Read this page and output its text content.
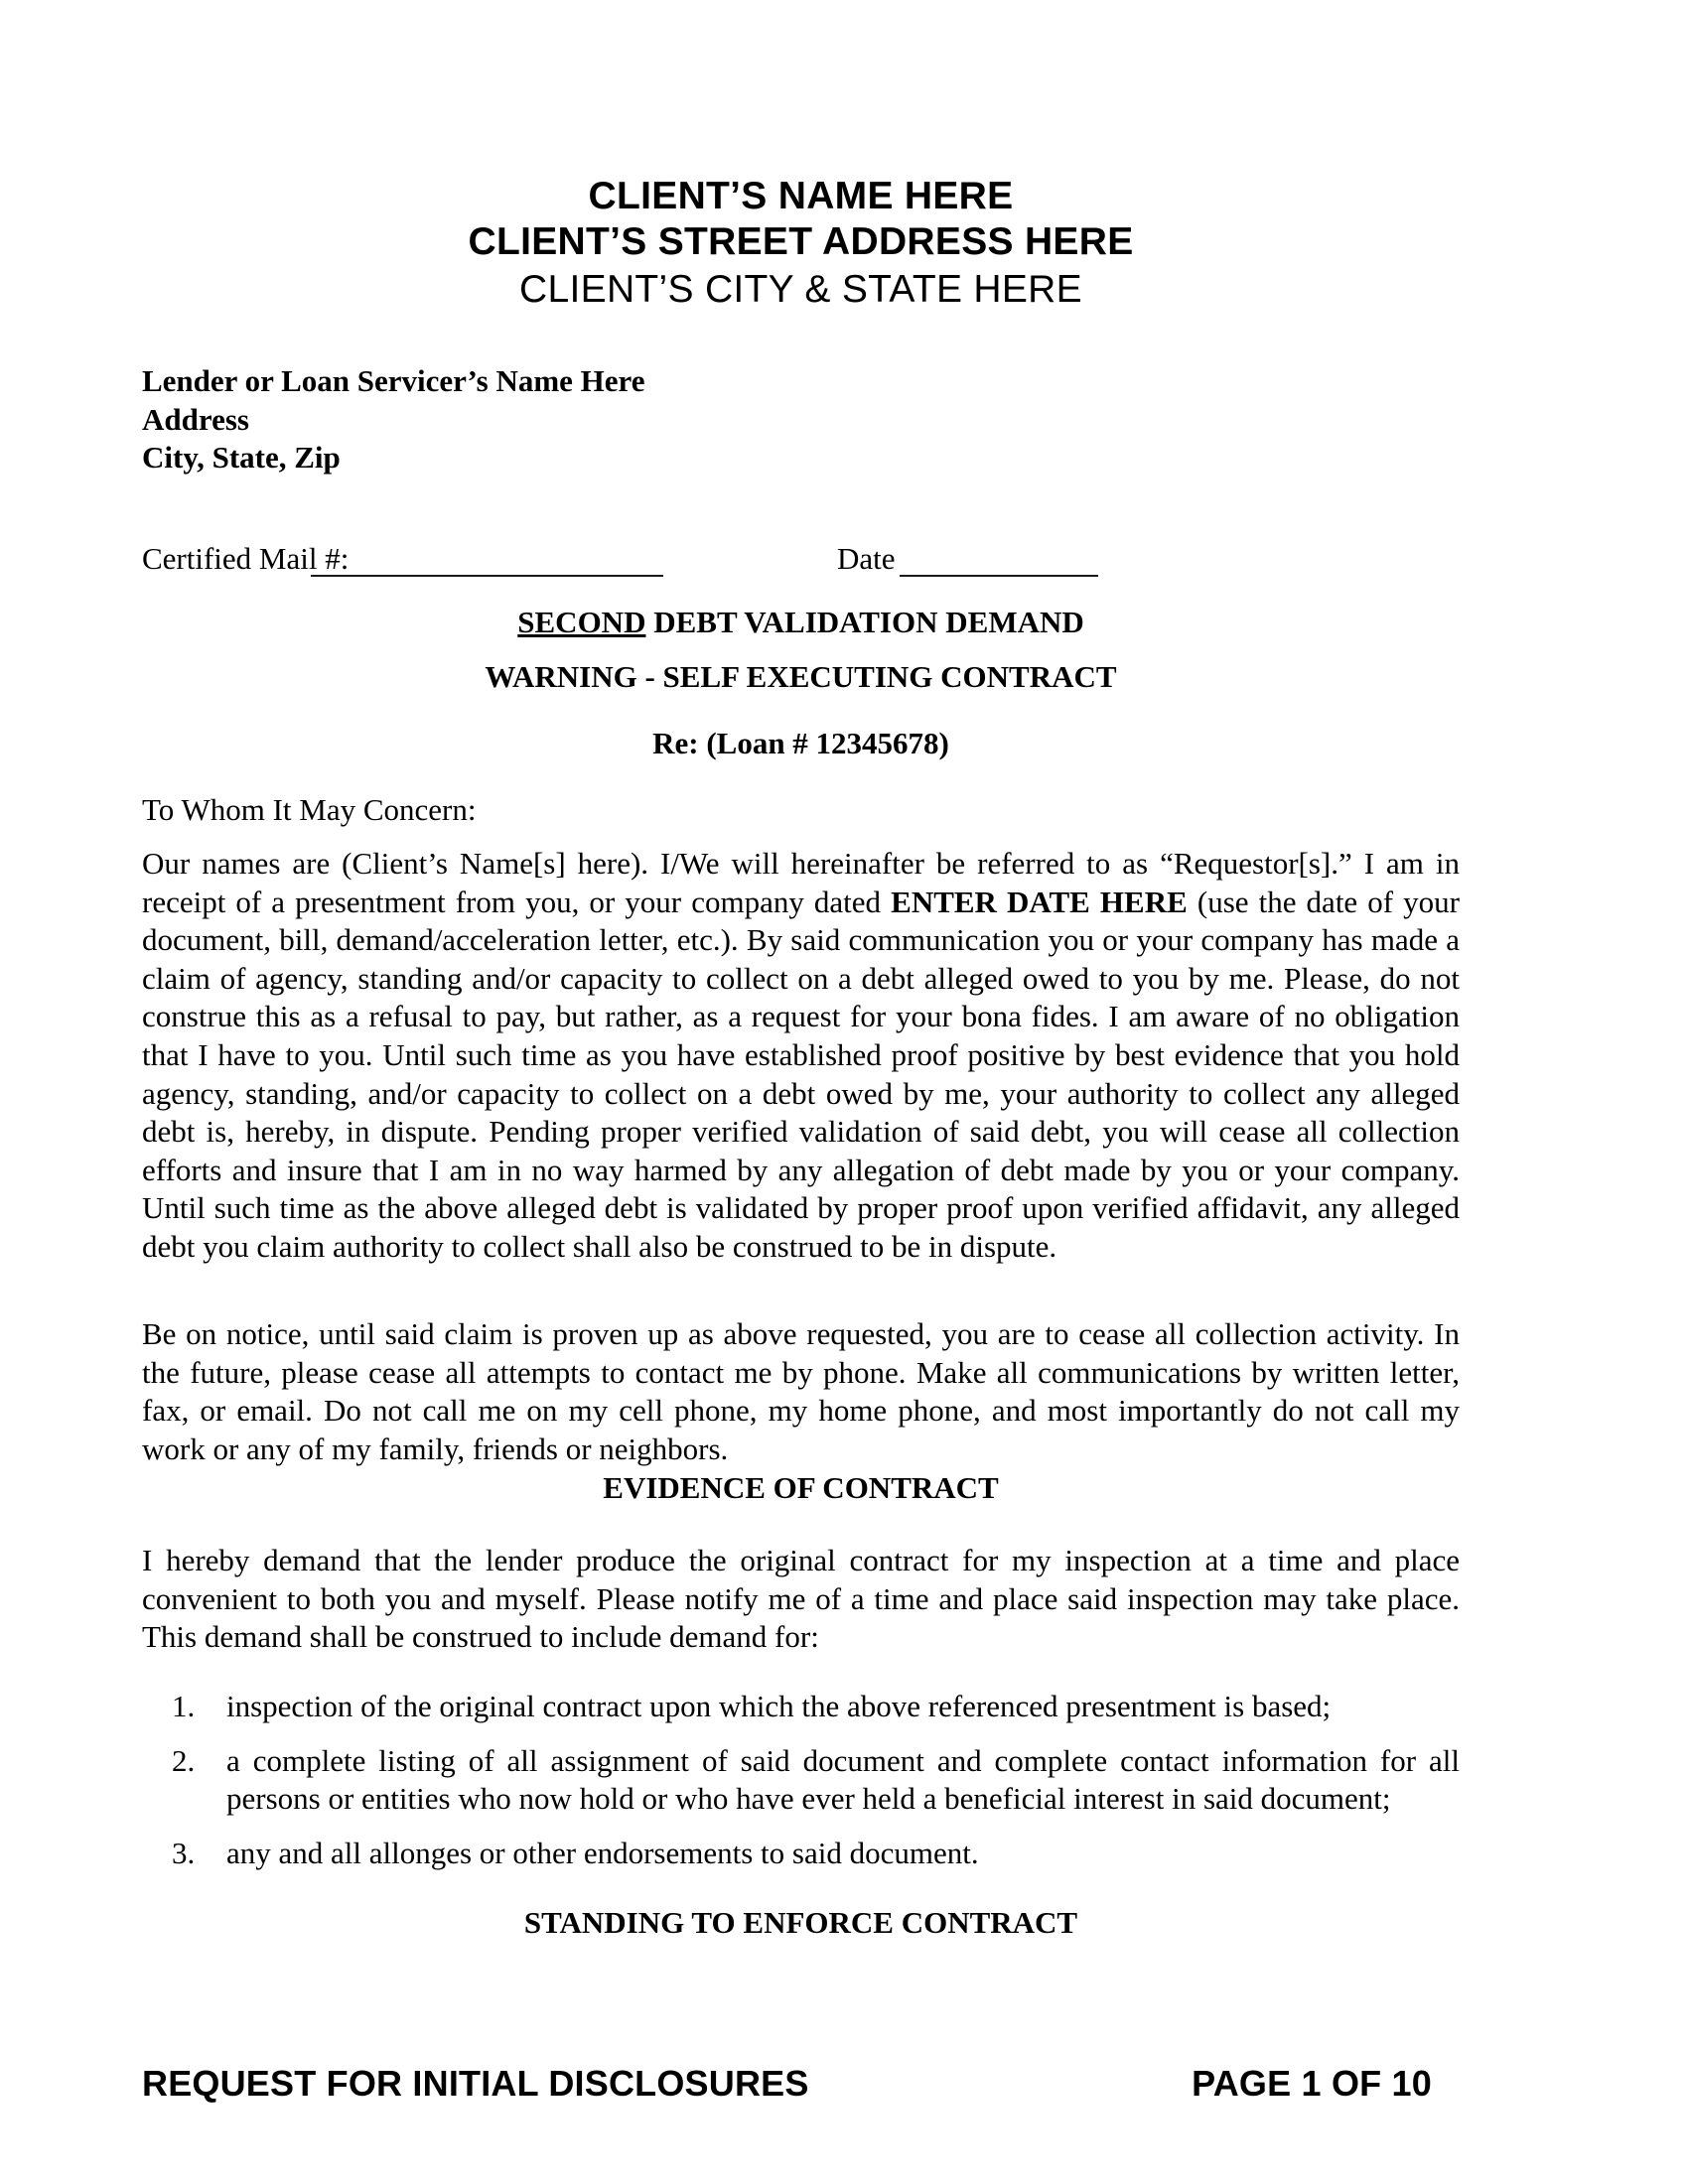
CLIENT’S NAME HERE
CLIENT’S STREET ADDRESS HERE
CLIENT’S CITY & STATE HERE
Lender or Loan Servicer’s Name Here
Address
City, State, Zip
Certified Mail #:	Date
SECOND DEBT VALIDATION DEMAND
WARNING - SELF EXECUTING CONTRACT
Re: (Loan # 12345678)
To Whom It May Concern:
Our names are (Client’s Name[s] here). I/We will hereinafter be referred to as “Requestor[s].” I am in receipt of a presentment from you, or your company dated ENTER DATE HERE (use the date of your document, bill, demand/acceleration letter, etc.). By said communication you or your company has made a claim of agency, standing and/or capacity to collect on a debt alleged owed to you by me. Please, do not construe this as a refusal to pay, but rather, as a request for your bona fides. I am aware of no obligation that I have to you. Until such time as you have established proof positive by best evidence that you hold agency, standing, and/or capacity to collect on a debt owed by me, your authority to collect any alleged debt is, hereby, in dispute. Pending proper verified validation of said debt, you will cease all collection efforts and insure that I am in no way harmed by any allegation of debt made by you or your company. Until such time as the above alleged debt is validated by proper proof upon verified affidavit, any alleged debt you claim authority to collect shall also be construed to be in dispute.
Be on notice, until said claim is proven up as above requested, you are to cease all collection activity. In the future, please cease all attempts to contact me by phone. Make all communications by written letter, fax, or email. Do not call me on my cell phone, my home phone, and most importantly do not call my work or any of my family, friends or neighbors.
EVIDENCE OF CONTRACT
I hereby demand that the lender produce the original contract for my inspection at a time and place convenient to both you and myself. Please notify me of a time and place said inspection may take place. This demand shall be construed to include demand for:
1.	inspection of the original contract upon which the above referenced presentment is based;
2.	a complete listing of all assignment of said document and complete contact information for all persons or entities who now hold or who have ever held a beneficial interest in said document;
3.	any and all allonges or other endorsements to said document.
STANDING TO ENFORCE CONTRACT
REQUEST FOR INITIAL DISCLOSURES	PAGE 1 OF 10
